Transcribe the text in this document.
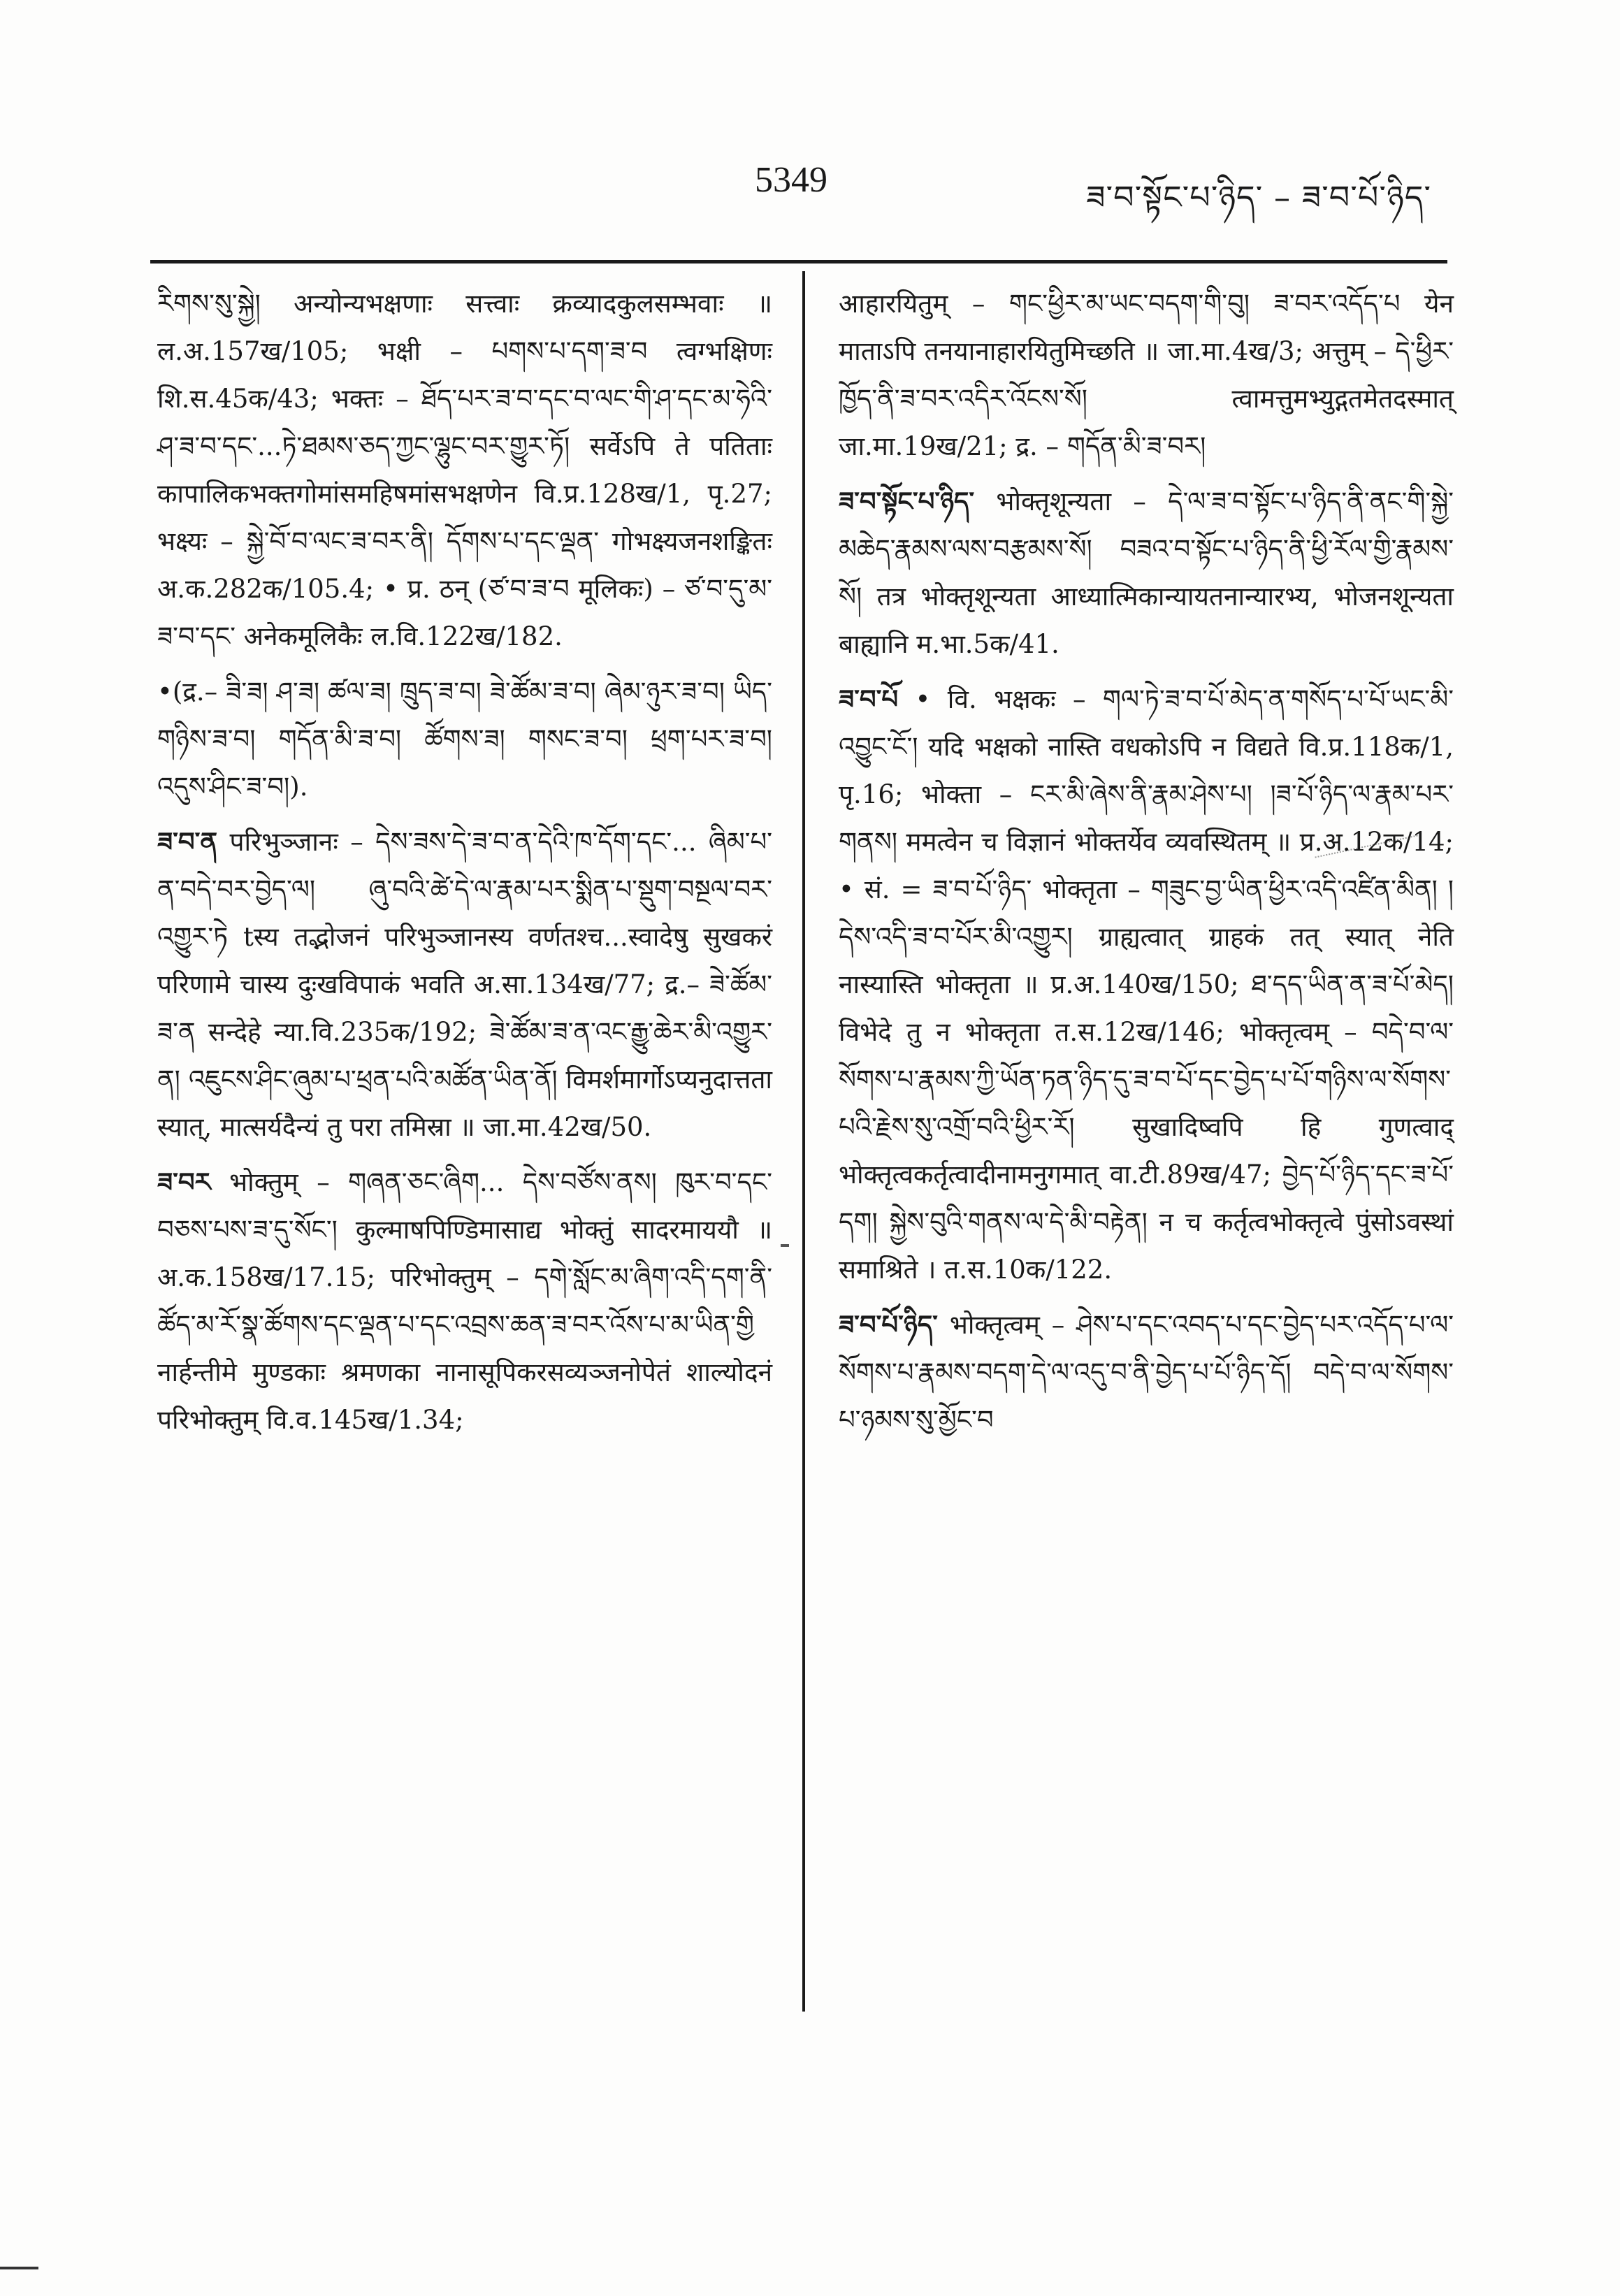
5349	ཟ་བ་སྟོང་པ་ཉིད་ – ཟ་བ་པོ་ཉིད་

རིགས་སུ་སྐྱེ། अन्योन्यभक्षणाः सत्त्वाः क्रव्यादकुलसम्भवाः ॥ ल.अ.157ख/105; भक्षी – པགས་པ་དག་ཟ་བ त्वग्भक्षिणः शि.स.45क/43; भक्तः – ཐོད་པར་ཟ་བ་དང་བ་ལང་གི་ཤ་དང་མ་ཧེའི་ཤ་ཟ་བ་དང་...ཏེ་ཐམས་ཅད་ཀྱང་ལྷུང་བར་གྱུར་ཏོ། सर्वेऽपि ते पतिताः कापालिकभक्तगोमांसमहिषमांसभक्षणेन वि.प्र.128ख/1, पृ.27; भक्ष्यः – སྐྱེ་བོ་བ་ལང་ཟ་བར་ནི། དོགས་པ་དང་ལྡན་ गोभक्ष्यजनशङ्कितः अ.क.282क/105.4; • प्र. ठन् (ཙ་བ་ཟ་བ मूलिकः) – ཙ་བ་དུ་མ་ཟ་བ་དང་ अनेकमूलिकैः ल.वि.122ख/182.

•(द्र.– ཟི་ཟ། ཤ་ཟ། ཚལ་ཟ། ཁྲུད་ཟ་བ། ཟེ་ཚོམ་ཟ་བ། ཞེམ་ཉུར་ཟ་བ། ཡིད་གཉིས་ཟ་བ། གདོན་མི་ཟ་བ། ཚོགས་ཟ། གསང་ཟ་བ། ཕྲག་པར་ཟ་བ། འདུས་ཤིང་ཟ་བ།).

ཟ་བ་ན परिभुञ्जानः – དེས་ཟས་དེ་ཟ་བ་ན་དེའི་ཁ་དོག་དང་... ཞིམ་པ་ན་བདེ་བར་བྱེད་ལ། ཞུ་བའི་ཚེ་དེ་ལ་རྣམ་པར་སྨིན་པ་སྡུག་བསྔལ་བར་འགྱུར་ཏེ tस्य तद्भोजनं परिभुञ्जानस्य वर्णतश्च...स्वादेषु सुखकरं परिणामे चास्य दुःखविपाकं भवति अ.सा.134ख/77; द्र.– ཟེ་ཚོམ་ཟ་ན सन्देहे न्या.वि.235क/192; ཟེ་ཚོམ་ཟ་ན་འང་རྒྱུ་ཆེར་མི་འགྱུར་ན། འཇུངས་ཤིང་ཞུམ་པ་ཕྲན་པའི་མཚོན་ཡིན་ནོ། विमर्शमार्गोऽप्यनुदात्तता स्यात्, मात्सर्यदैन्यं तु परा तमिस्रा ॥ जा.मा.42ख/50.

ཟ་བར भोक्तुम् – གཞན་ཅང་ཞིག... དེས་བཙོས་ནས། ཁུར་བ་དང་བཅས་པས་ཟ་དུ་སོང་། कुल्माषपिण्डिमासाद्य भोक्तुं सादरमाययौ ॥ अ.क.158ख/17.15; परिभोक्तुम् – དགེ་སློང་མ་ཞིག་འདི་དག་ནི་ཚོད་མ་རོ་སྣ་ཚོགས་དང་ལྡན་པ་དང་འབྲས་ཆན་ཟ་བར་འོས་པ་མ་ཡིན་གྱི नार्हन्तीमे मुण्डकाः श्रमणका नानासूपिकरसव्यञ्जनोपेतं शाल्योदनं परिभोक्तुम् वि.व.145ख/1.34;

आहारयितुम् – གང་ཕྱིར་མ་ཡང་བདག་གི་བུ། ཟ་བར་འདོད་པ येन माताऽपि तनयानाहारयितुमिच्छति ॥ जा.मा.4ख/3; अत्तुम् – དེ་ཕྱིར་ཁྱོད་ནི་ཟ་བར་འདིར་འོངས་སོ། त्वामत्तुमभ्युद्गतमेतदस्मात् जा.मा.19ख/21; द्र. – གདོན་མི་ཟ་བར།

ཟ་བ་སྟོང་པ་ཉིད་ भोक्तृशून्यता – དེ་ལ་ཟ་བ་སྟོང་པ་ཉིད་ནི་ནང་གི་སྐྱེ་མཆེད་རྣམས་ལས་བརྩམས་སོ། བཟའ་བ་སྟོང་པ་ཉིད་ནི་ཕྱི་རོལ་གྱི་རྣམས་སོ། तत्र भोक्तृशून्यता आध्यात्मिकान्यायतनान्यारभ्य, भोजनशून्यता बाह्यानि म.भा.5क/41.

ཟ་བ་པོ • वि. भक्षकः – གལ་ཏེ་ཟ་བ་པོ་མེད་ན་གསོད་པ་པོ་ཡང་མི་འབྱུང་ངོ་། यदि भक्षको नास्ति वधकोऽपि न विद्यते वि.प्र.118क/1, पृ.16; भोक्ता – ངར་མི་ཞེས་ནི་རྣམ་ཤེས་པ། །ཟ་པོ་ཉིད་ལ་རྣམ་པར་གནས། ममत्वेन च विज्ञानं भोक्तर्येव व्यवस्थितम् ॥ प्र.अ.12क/14; • सं. = ཟ་བ་པོ་ཉིད་ भोक्तृता – གཟུང་བྱ་ཡིན་ཕྱིར་འདི་འཛིན་མིན། །དེས་འདི་ཟ་བ་པོར་མི་འགྱུར། ग्राह्यत्वात् ग्राहकं तत् स्यात् नेति नास्यास्ति भोक्तृता ॥ प्र.अ.140ख/150; ཐ་དད་ཡིན་ན་ཟ་པོ་མེད། विभेदे तु न भोक्तृता त.स.12ख/146; भोक्तृत्वम् – བདེ་བ་ལ་སོགས་པ་རྣམས་ཀྱི་ཡོན་ཏན་ཉིད་དུ་ཟ་བ་པོ་དང་བྱེད་པ་པོ་གཉིས་ལ་སོགས་པའི་རྗེས་སུ་འགྲོ་བའི་ཕྱིར་རོ། सुखादिष्वपि हि गुणत्वाद् भोक्तृत्वकर्तृत्वादीनामनुगमात् वा.टी.89ख/47; བྱེད་པོ་ཉིད་དང་ཟ་པོ་དག། སྐྱེས་བུའི་གནས་ལ་དེ་མི་བརྟེན། न च कर्तृत्वभोक्तृत्वे पुंसोऽवस्थां समाश्रिते । त.स.10क/122.

ཟ་བ་པོ་ཉིད་ भोक्तृत्वम् – ཤེས་པ་དང་འབད་པ་དང་བྱེད་པར་འདོད་པ་ལ་སོགས་པ་རྣམས་བདག་དེ་ལ་འདུ་བ་ནི་བྱེད་པ་པོ་ཉིད་དོ། བདེ་བ་ལ་སོགས་པ་ཉམས་སུ་མྱོང་བ
